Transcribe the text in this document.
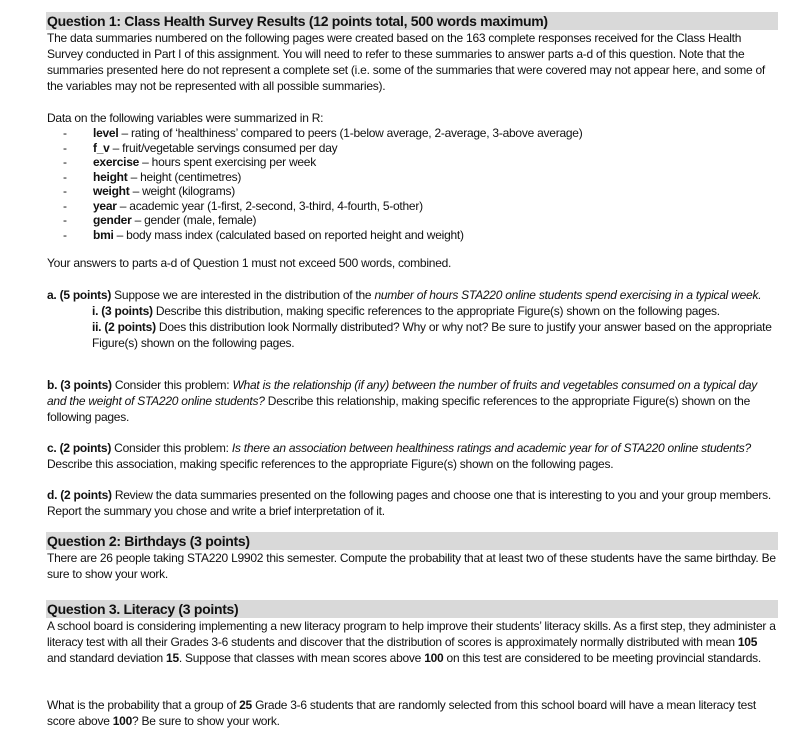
Question 1: Class Health Survey Results (12 points total, 500 words maximum)
The data summaries numbered on the following pages were created based on the 163 complete responses received for the Class Health Survey conducted in Part I of this assignment. You will need to refer to these summaries to answer parts a-d of this question. Note that the summaries presented here do not represent a complete set (i.e. some of the summaries that were covered may not appear here, and some of the variables may not be represented with all possible summaries).
Data on the following variables were summarized in R:
- level – rating of ‘healthiness’ compared to peers (1-below average, 2-average, 3-above average)
- f_v – fruit/vegetable servings consumed per day
- exercise – hours spent exercising per week
- height – height (centimetres)
- weight – weight (kilograms)
- year – academic year (1-first, 2-second, 3-third, 4-fourth, 5-other)
- gender – gender (male, female)
- bmi – body mass index (calculated based on reported height and weight)
Your answers to parts a-d of Question 1 must not exceed 500 words, combined.
a. (5 points) Suppose we are interested in the distribution of the number of hours STA220 online students spend exercising in a typical week.
i. (3 points) Describe this distribution, making specific references to the appropriate Figure(s) shown on the following pages.
ii. (2 points) Does this distribution look Normally distributed? Why or why not? Be sure to justify your answer based on the appropriate Figure(s) shown on the following pages.
b. (3 points) Consider this problem: What is the relationship (if any) between the number of fruits and vegetables consumed on a typical day and the weight of STA220 online students? Describe this relationship, making specific references to the appropriate Figure(s) shown on the following pages.
c. (2 points) Consider this problem: Is there an association between healthiness ratings and academic year for of STA220 online students? Describe this association, making specific references to the appropriate Figure(s) shown on the following pages.
d. (2 points) Review the data summaries presented on the following pages and choose one that is interesting to you and your group members. Report the summary you chose and write a brief interpretation of it.
Question 2: Birthdays (3 points)
There are 26 people taking STA220 L9902 this semester. Compute the probability that at least two of these students have the same birthday. Be sure to show your work.
Question 3. Literacy (3 points)
A school board is considering implementing a new literacy program to help improve their students’ literacy skills. As a first step, they administer a literacy test with all their Grades 3-6 students and discover that the distribution of scores is approximately normally distributed with mean 105 and standard deviation 15. Suppose that classes with mean scores above 100 on this test are considered to be meeting provincial standards.
What is the probability that a group of 25 Grade 3-6 students that are randomly selected from this school board will have a mean literacy test score above 100? Be sure to show your work.
